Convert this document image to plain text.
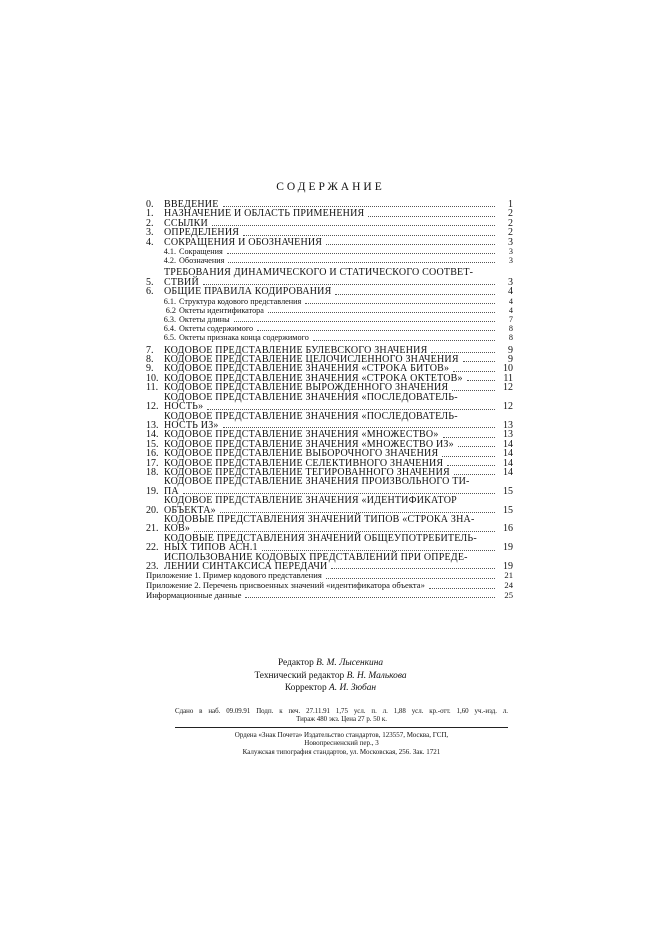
СОДЕРЖАНИЕ
0.	ВВЕДЕНИЕ	1
1.	НАЗНАЧЕНИЕ И ОБЛАСТЬ ПРИМЕНЕНИЯ	2
2.	ССЫЛКИ	2
3.	ОПРЕДЕЛЕНИЯ	2
4.	СОКРАЩЕНИЯ И ОБОЗНАЧЕНИЯ	3
4.1. Сокращения	3
4.2. Обозначения	3
5.
ТРЕБОВАНИЯ ДИНАМИЧЕСКОГО И СТАТИЧЕСКОГО СООТВЕТ-
СТВИЙ	3
6.	ОБЩИЕ ПРАВИЛА КОДИРОВАНИЯ	4
6.1. Структура кодового представления	4
6.2 Октеты идентификатора	4
6.3. Октеты длины	7
6.4. Октеты содержимого	8
6.5. Октеты признака конца содержимого	8
7.	КОДОВОЕ ПРЕДСТАВЛЕНИЕ БУЛЕВСКОГО ЗНАЧЕНИЯ	9
8.	КОДОВОЕ ПРЕДСТАВЛЕНИЕ ЦЕЛОЧИСЛЕННОГО ЗНАЧЕНИЯ	9
9.	КОДОВОЕ ПРЕДСТАВЛЕНИЕ ЗНАЧЕНИЯ «СТРОКА БИТОВ»	10
10. КОДОВОЕ ПРЕДСТАВЛЕНИЕ ЗНАЧЕНИЯ «СТРОКА ОКТЕТОВ»	11
11. КОДОВОЕ ПРЕДСТАВЛЕНИЕ ВЫРОЖДЕННОГО ЗНАЧЕНИЯ	12
12.
КОДОВОЕ ПРЕДСТАВЛЕНИЕ ЗНАЧЕНИЯ «ПОСЛЕДОВАТЕЛЬ-
НОСТЬ»	12
13.
КОДОВОЕ ПРЕДСТАВЛЕНИЕ ЗНАЧЕНИЯ «ПОСЛЕДОВАТЕЛЬ-
НОСТЬ ИЗ»	13
14. КОДОВОЕ ПРЕДСТАВЛЕНИЕ ЗНАЧЕНИЯ «МНОЖЕСТВО»	13
15. КОДОВОЕ ПРЕДСТАВЛЕНИЕ ЗНАЧЕНИЯ «МНОЖЕСТВО ИЗ»	14
16. КОДОВОЕ ПРЕДСТАВЛЕНИЕ ВЫБОРОЧНОГО ЗНАЧЕНИЯ	14
17. КОДОВОЕ ПРЕДСТАВЛЕНИЕ СЕЛЕКТИВНОГО ЗНАЧЕНИЯ	14
18. КОДОВОЕ ПРЕДСТАВЛЕНИЕ ТЕГИРОВАННОГО ЗНАЧЕНИЯ	14
19.
КОДОВОЕ ПРЕДСТАВЛЕНИЕ ЗНАЧЕНИЯ ПРОИЗВОЛЬНОГО ТИ-
ПА	15
20.
КОДОВОЕ ПРЕДСТАВЛЕНИЕ ЗНАЧЕНИЯ «ИДЕНТИФИКАТОР
ОБЪЕКТА»	15
21.
КОДОВЫЕ ПРЕДСТАВЛЕНИЯ ЗНАЧЕНИЙ ТИПОВ «СТРОКА ЗНА-
КОВ»	16
22.
КОДОВЫЕ ПРЕДСТАВЛЕНИЯ ЗНАЧЕНИЙ ОБЩЕУПОТРЕБИТЕЛЬ-
НЫХ ТИПОВ АСН.1	19
23.
ИСПОЛЬЗОВАНИЕ КОДОВЫХ ПРЕДСТАВЛЕНИЙ ПРИ ОПРЕДЕ-
ЛЕНИИ СИНТАКСИСА ПЕРЕДАЧИ	19
Приложение 1. Пример кодового представления	21
Приложение 2. Перечень присвоенных значений «идентификатора объекта»	24
Информационные данные	25
Редактор В. М. Лысенкина
Технический редактор В. Н. Малькова
Корректор А. И. Зюбан
Сдано в наб. 09.09.91 Подп. к печ. 27.11.91 1,75 усл. п. л. 1,88 усл. кр.-отт. 1,60 уч.-изд. л.
Тираж 480 экз. Цена 27 р. 50 к.
Ордена «Знак Почета» Издательство стандартов, 123557, Москва, ГСП,
Новопресненский пер., 3
Калужская типография стандартов, ул. Московская, 256. Зак. 1721
